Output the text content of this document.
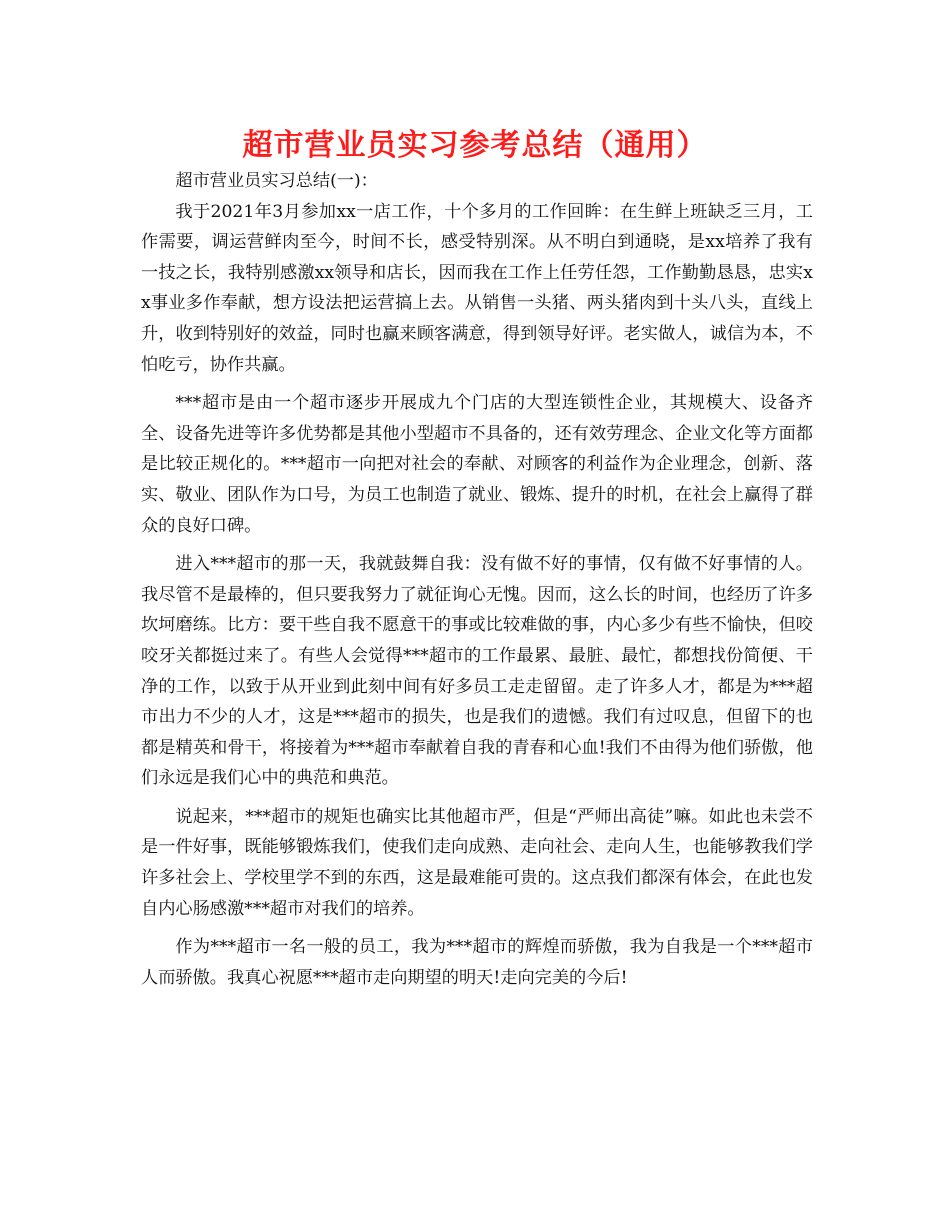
超市营业员实习参考总结（通用）

超市营业员实习总结(一)：

我于2021年3月参加xx一店工作，十个多月的工作回眸：在生鲜上班缺乏三月，工作需要，调运营鲜肉至今，时间不长，感受特别深。从不明白到通晓，是xx培养了我有一技之长，我特别感激xx领导和店长，因而我在工作上任劳任怨，工作勤勤恳恳，忠实xx事业多作奉献，想方设法把运营搞上去。从销售一头猪、两头猪肉到十头八头，直线上升，收到特别好的效益，同时也赢来顾客满意，得到领导好评。老实做人，诚信为本，不怕吃亏，协作共赢。

***超市是由一个超市逐步开展成九个门店的大型连锁性企业，其规模大、设备齐全、设备先进等许多优势都是其他小型超市不具备的，还有效劳理念、企业文化等方面都是比较正规化的。***超市一向把对社会的奉献、对顾客的利益作为企业理念，创新、落实、敬业、团队作为口号，为员工也制造了就业、锻炼、提升的时机，在社会上赢得了群众的良好口碑。

进入***超市的那一天，我就鼓舞自我：没有做不好的事情，仅有做不好事情的人。我尽管不是最棒的，但只要我努力了就征询心无愧。因而，这么长的时间，也经历了许多坎坷磨练。比方：要干些自我不愿意干的事或比较难做的事，内心多少有些不愉快，但咬咬牙关都挺过来了。有些人会觉得***超市的工作最累、最脏、最忙，都想找份简便、干净的工作，以致于从开业到此刻中间有好多员工走走留留。走了许多人才，都是为***超市出力不少的人才，这是***超市的损失，也是我们的遗憾。我们有过叹息，但留下的也都是精英和骨干，将接着为***超市奉献着自我的青春和心血!我们不由得为他们骄傲，他们永远是我们心中的典范和典范。

说起来，***超市的规矩也确实比其他超市严，但是“严师出高徒”嘛。如此也未尝不是一件好事，既能够锻炼我们，使我们走向成熟、走向社会、走向人生，也能够教我们学许多社会上、学校里学不到的东西，这是最难能可贵的。这点我们都深有体会，在此也发自内心肠感激***超市对我们的培养。

作为***超市一名一般的员工，我为***超市的辉煌而骄傲，我为自我是一个***超市人而骄傲。我真心祝愿***超市走向期望的明天!走向完美的今后!
